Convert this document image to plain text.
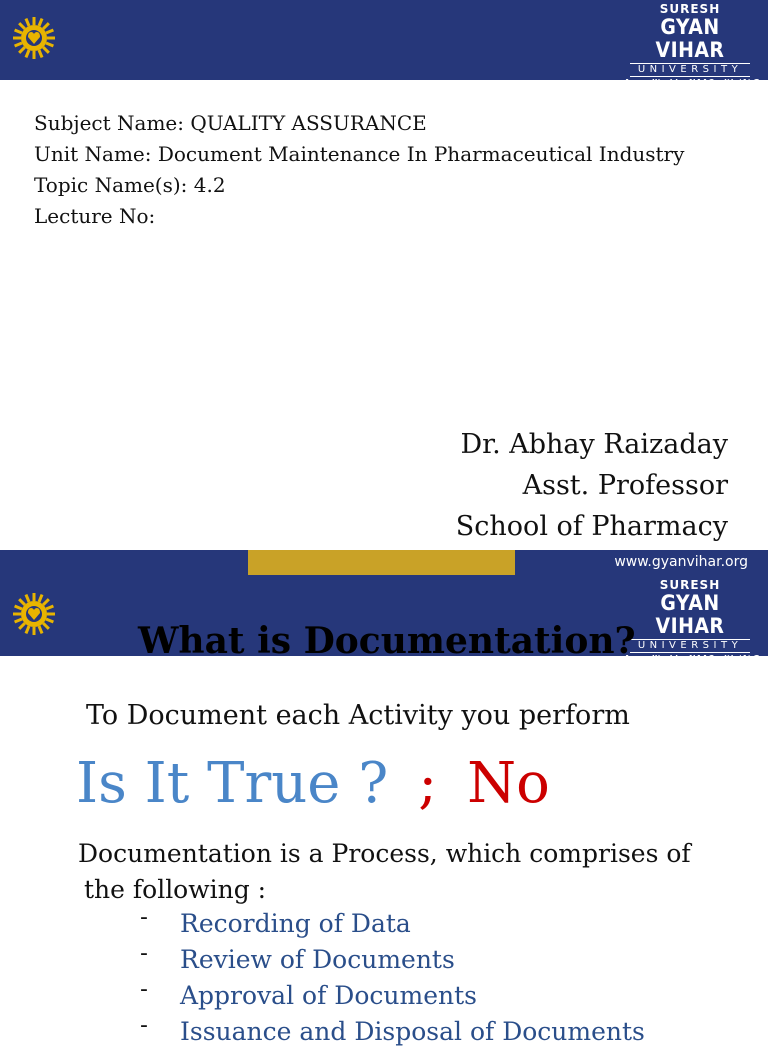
SURESH
GYAN VIHAR
UNIVERSITY
Accredited by NAAC with 'A' Grade
Subject Name: QUALITY ASSURANCE
Unit Name: Document Maintenance In Pharmaceutical Industry
Topic Name(s): 4.2
Lecture No:
Dr. Abhay Raizaday
Asst. Professor
School of Pharmacy
www.gyanvihar.org
SURESH
GYAN VIHAR
UNIVERSITY
Accredited by NAAC with 'A' Grade
What is Documentation?
To Document each Activity you perform
Is It True ? ; No
Documentation is a Process, which comprises of
the following :
- Recording of Data
- Review of Documents
- Approval of Documents
- Issuance and Disposal of Documents
